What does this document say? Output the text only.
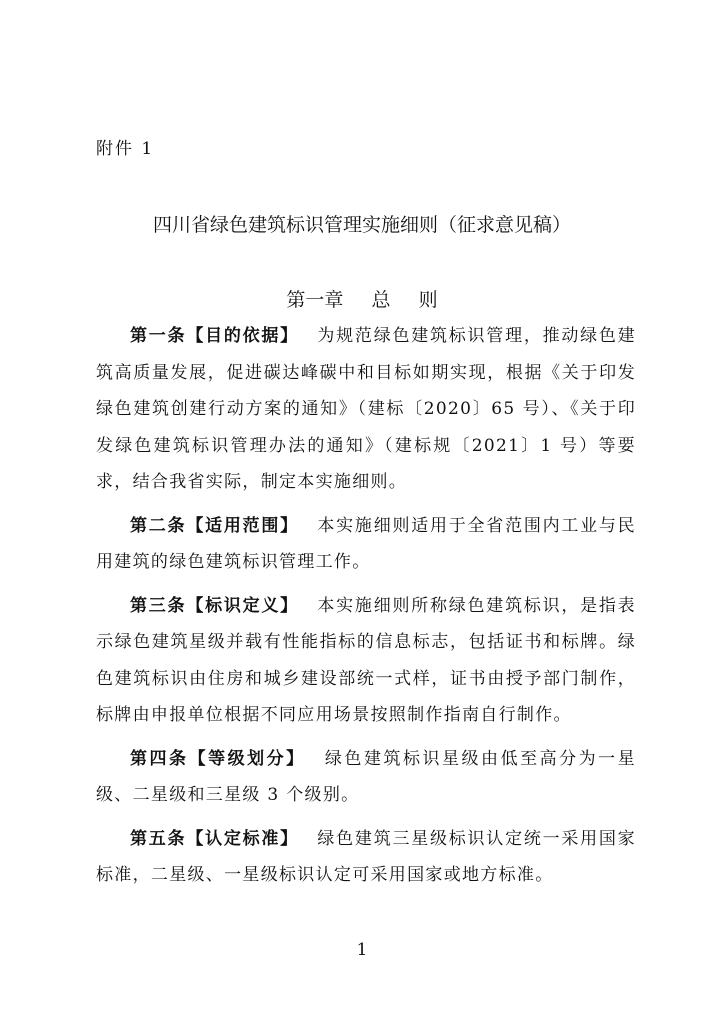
附件 1
四川省绿色建筑标识管理实施细则（征求意见稿）
第一章 总 则

第一条【目的依据】 为规范绿色建筑标识管理，推动绿色建筑高质量发展，促进碳达峰碳中和目标如期实现，根据《关于印发绿色建筑创建行动方案的通知》（建标〔2020〕65 号）、《关于印发绿色建筑标识管理办法的通知》（建标规〔2021〕1 号）等要求，结合我省实际，制定本实施细则。

第二条【适用范围】 本实施细则适用于全省范围内工业与民用建筑的绿色建筑标识管理工作。

第三条【标识定义】 本实施细则所称绿色建筑标识，是指表示绿色建筑星级并载有性能指标的信息标志，包括证书和标牌。绿色建筑标识由住房和城乡建设部统一式样，证书由授予部门制作，标牌由申报单位根据不同应用场景按照制作指南自行制作。

第四条【等级划分】 绿色建筑标识星级由低至高分为一星级、二星级和三星级 3 个级别。

第五条【认定标准】 绿色建筑三星级标识认定统一采用国家标准，二星级、一星级标识认定可采用国家或地方标准。

1
